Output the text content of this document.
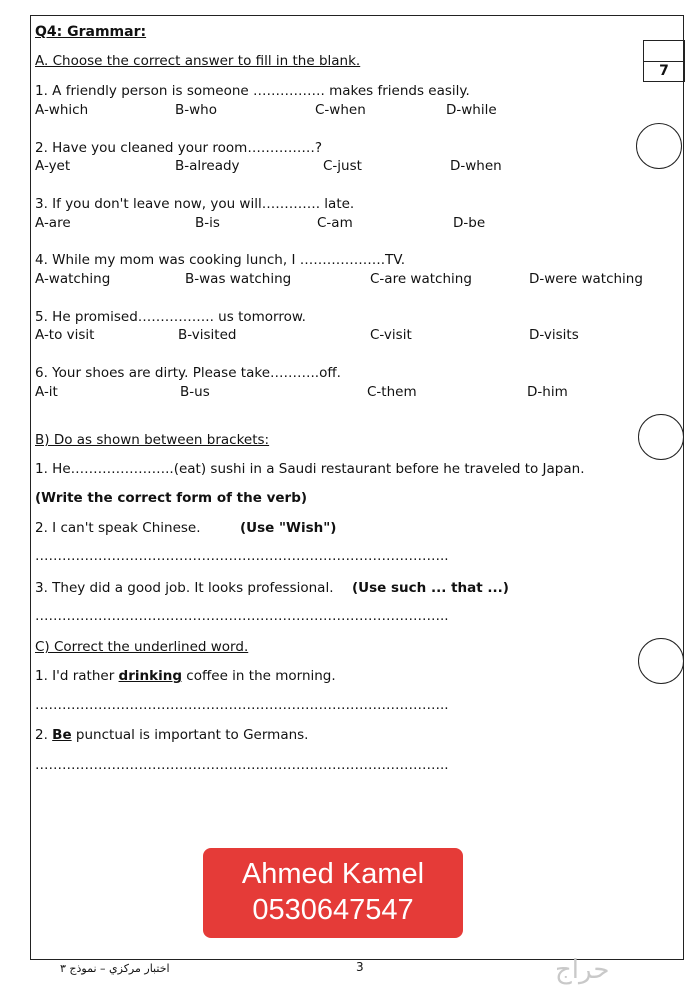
Q4: Grammar:
7
A. Choose the correct answer to fill in the blank.
1. A friendly person is someone ……………. makes friends easily.
A-which	B-who	C-when	D-while
2. Have you cleaned your room……………?
A-yet	B-already	C-just	D-when
3. If you don't leave now, you will…………. late.
A-are	B-is	C-am	D-be
4. While my mom was cooking lunch, I ……………….TV.
A-watching	B-was watching	C-are watching	D-were watching
5. He promised…………….. us tomorrow.
A-to visit	B-visited	C-visit	D-visits
6. Your shoes are dirty. Please take………..off.
A-it	B-us	C-them	D-him
B) Do as shown between brackets:
1. He…………………..(eat) sushi in a Saudi restaurant before he traveled to Japan.
(Write the correct form of the verb)
2. I can't speak Chinese.	(Use "Wish")
………………………………………………………………………………..
3. They did a good job. It looks professional. (Use such ... that ...)
………………………………………………………………………………..
C) Correct the underlined word.
1. I'd rather drinking coffee in the morning.
………………………………………………………………………………..
2. Be punctual is important to Germans.
………………………………………………………………………………..
Ahmed Kamel
0530647547
اختبار مركزي – نموذج ٣	3	حراج
